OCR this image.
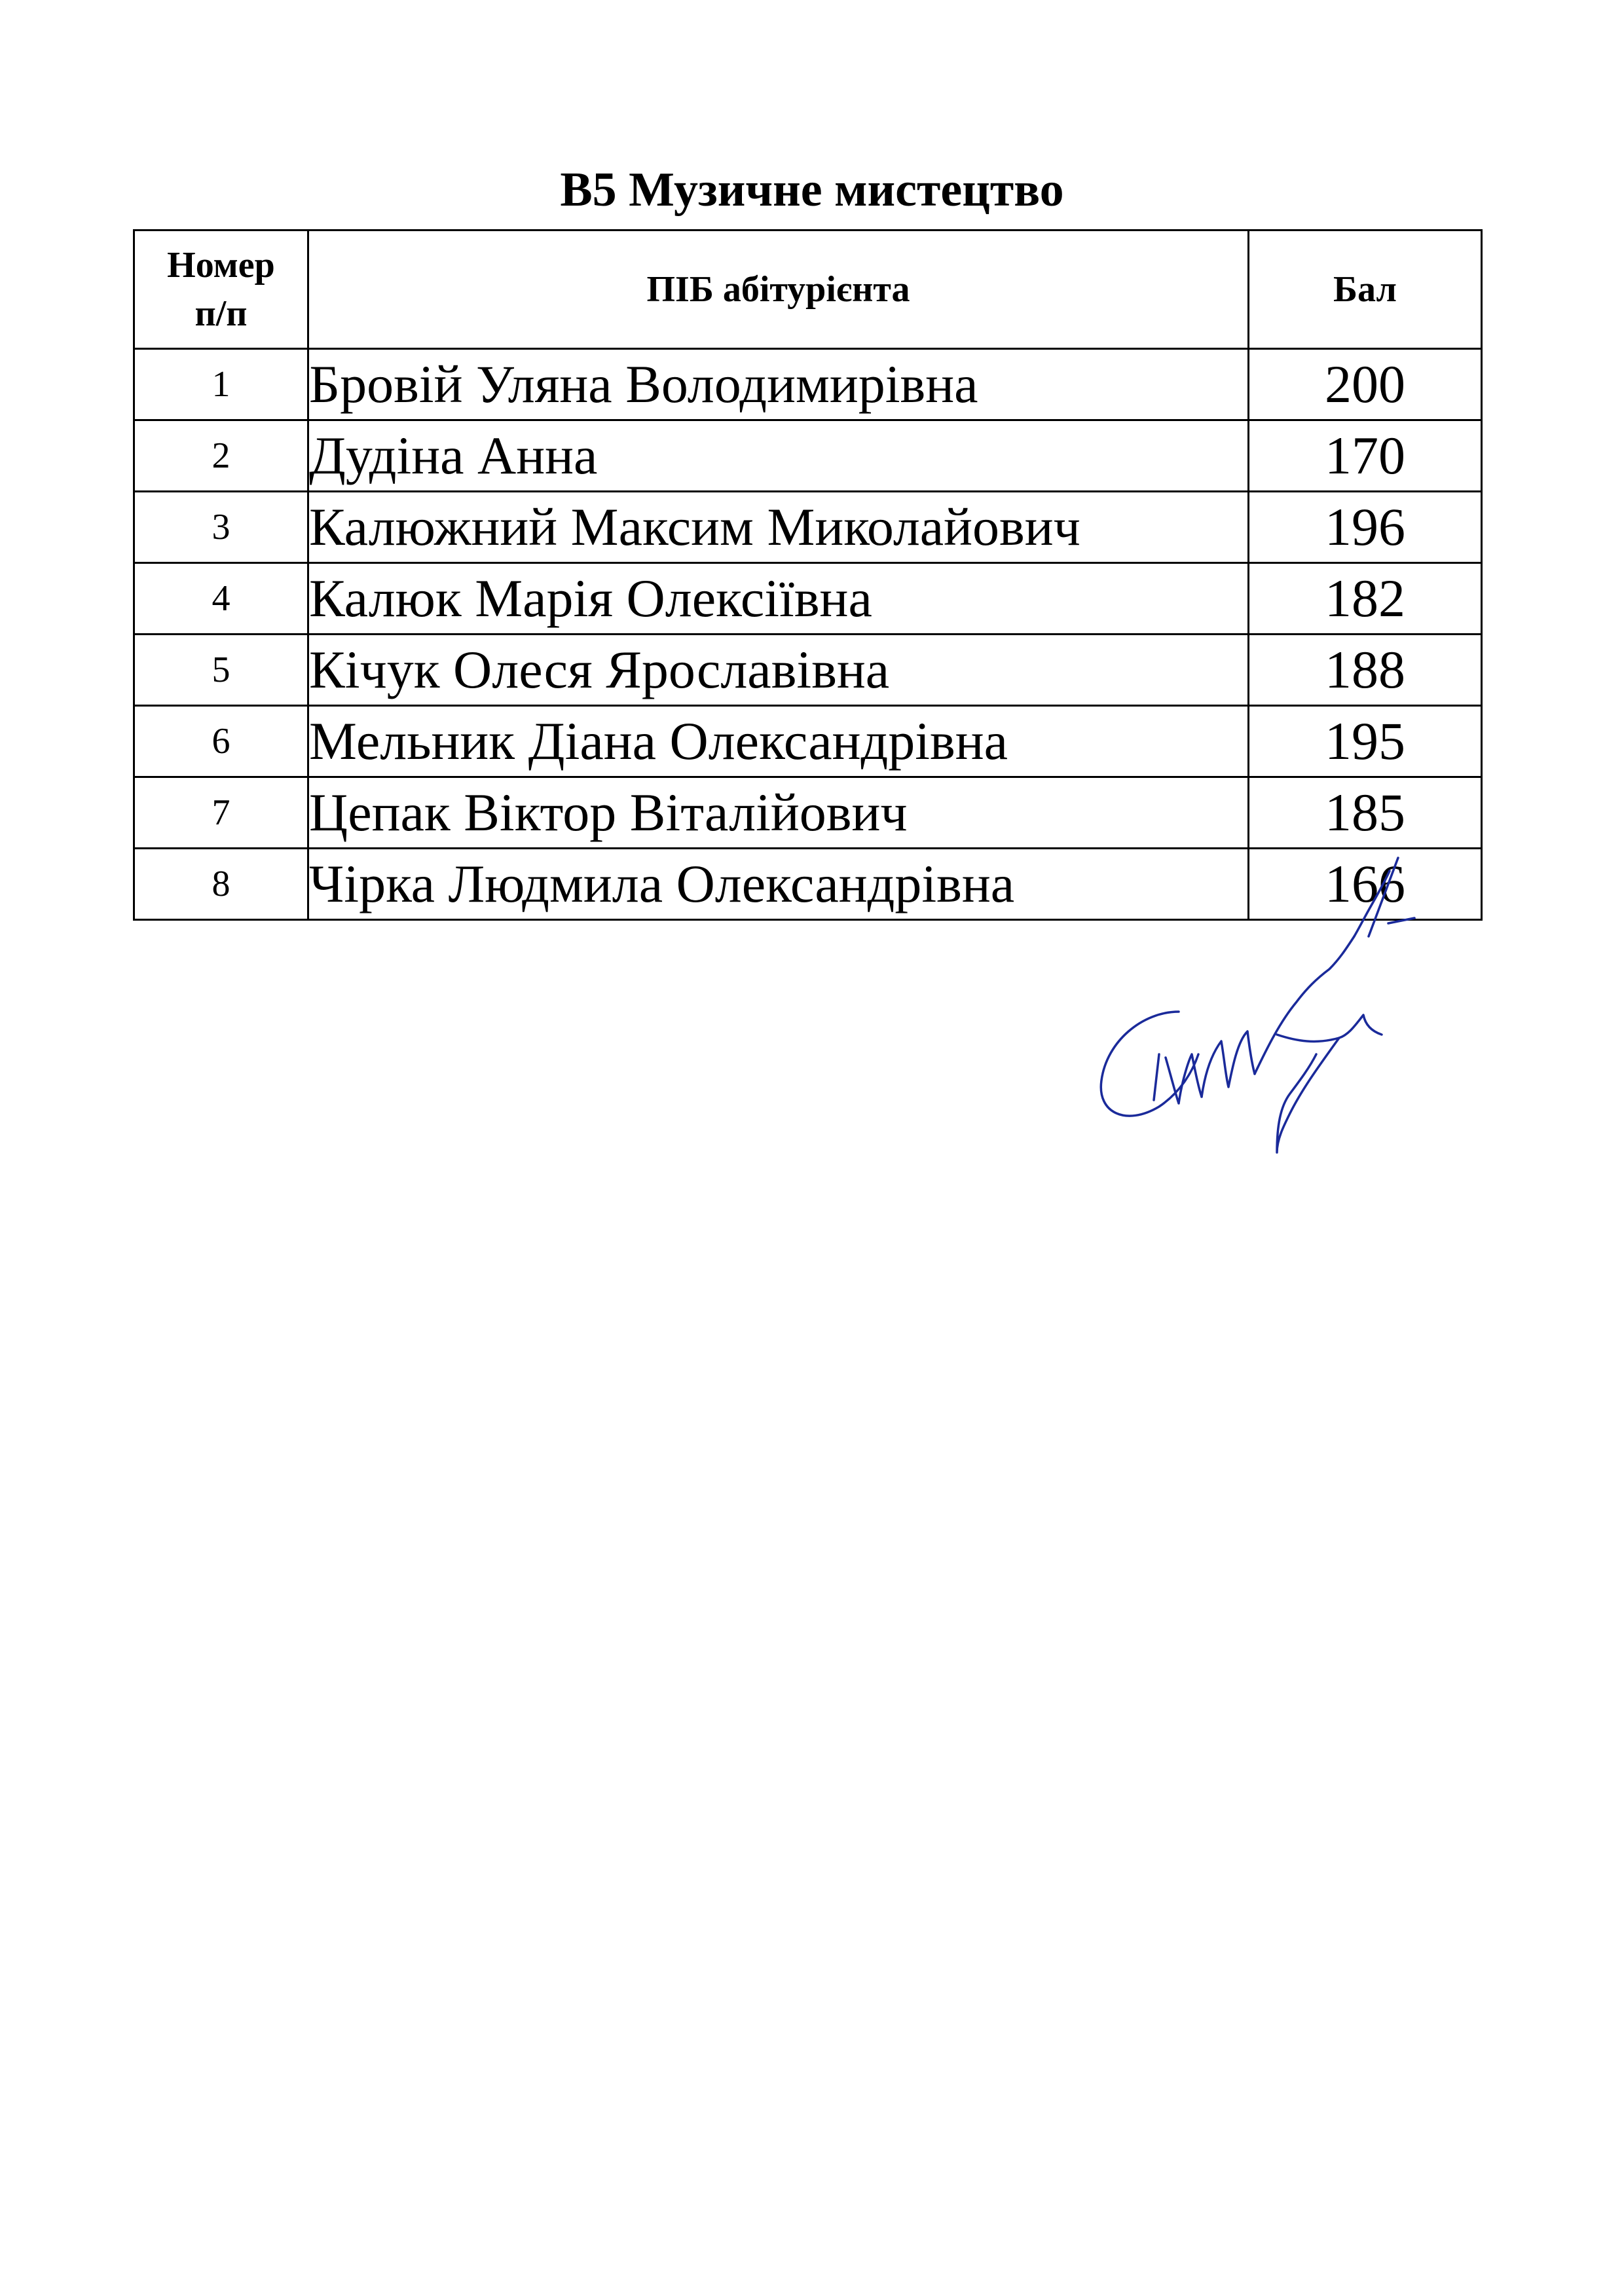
В5 Музичне мистецтво
Номер
п/п	ПІБ абітурієнта	Бал
1	Бровій Уляна Володимирівна	200
2	Дудіна Анна	170
3	Калюжний Максим Миколайович	196
4	Калюк Марія Олексіївна	182
5	Кічук Олеся Ярославівна	188
6	Мельник Діана Олександрівна	195
7	Цепак Віктор Віталійович	185
8	Чірка Людмила Олександрівна	166
